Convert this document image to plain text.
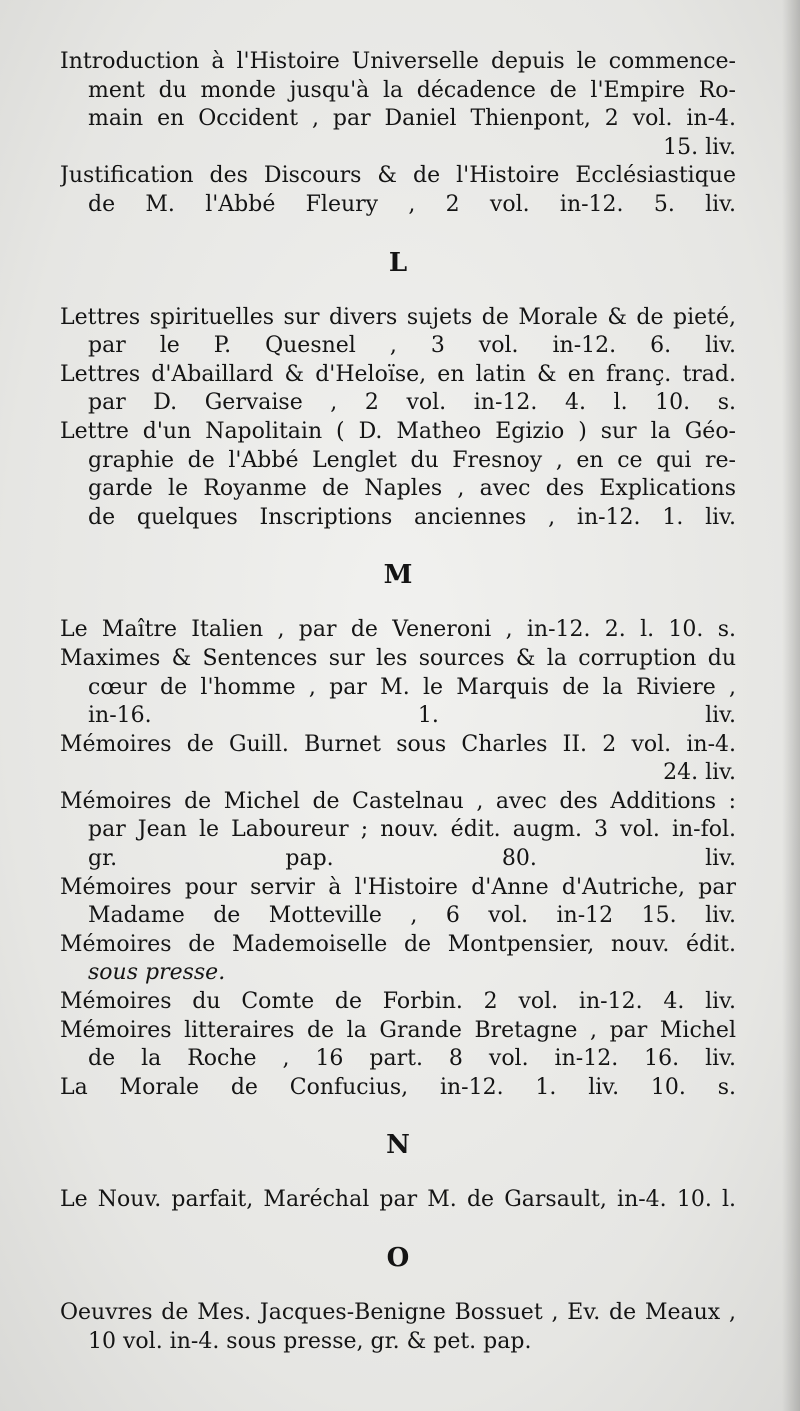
Introduction à l'Histoire Universelle depuis le commence-
ment du monde jusqu'à la décadence de l'Empire Ro-
main en Occident , par Daniel Thienpont, 2 vol. in-4.
15. liv.
Justification des Discours & de l'Histoire Ecclésiastique
de M. l'Abbé Fleury , 2 vol. in-12. 5. liv.
L
Lettres spirituelles sur divers sujets de Morale & de pieté,
par le P. Quesnel , 3 vol. in-12. 6. liv.
Lettres d'Abaillard & d'Heloïse, en latin & en franç. trad.
par D. Gervaise , 2 vol. in-12. 4. l. 10. s.
Lettre d'un Napolitain ( D. Matheo Egizio ) sur la Géo-
graphie de l'Abbé Lenglet du Fresnoy , en ce qui re-
garde le Royanme de Naples , avec des Explications
de quelques Inscriptions anciennes , in-12. 1. liv.
M
Le Maître Italien , par de Veneroni , in-12. 2. l. 10. s.
Maximes & Sentences sur les sources & la corruption du
cœur de l'homme , par M. le Marquis de la Riviere ,
in-16. 1. liv.
Mémoires de Guill. Burnet sous Charles II. 2 vol. in-4.
24. liv.
Mémoires de Michel de Castelnau , avec des Additions :
par Jean le Laboureur ; nouv. édit. augm. 3 vol. in-fol.
gr. pap. 80. liv.
Mémoires pour servir à l'Histoire d'Anne d'Autriche, par
Madame de Motteville , 6 vol. in-12 15. liv.
Mémoires de Mademoiselle de Montpensier, nouv. édit.
sous presse.
Mémoires du Comte de Forbin. 2 vol. in-12. 4. liv.
Mémoires litteraires de la Grande Bretagne , par Michel
de la Roche , 16 part. 8 vol. in-12. 16. liv.
La Morale de Confucius, in-12. 1. liv. 10. s.
N
Le Nouv. parfait, Maréchal par M. de Garsault, in-4. 10. l.
O
Oeuvres de Mes. Jacques-Benigne Bossuet , Ev. de Meaux ,
10 vol. in-4. sous presse, gr. & pet. pap.
